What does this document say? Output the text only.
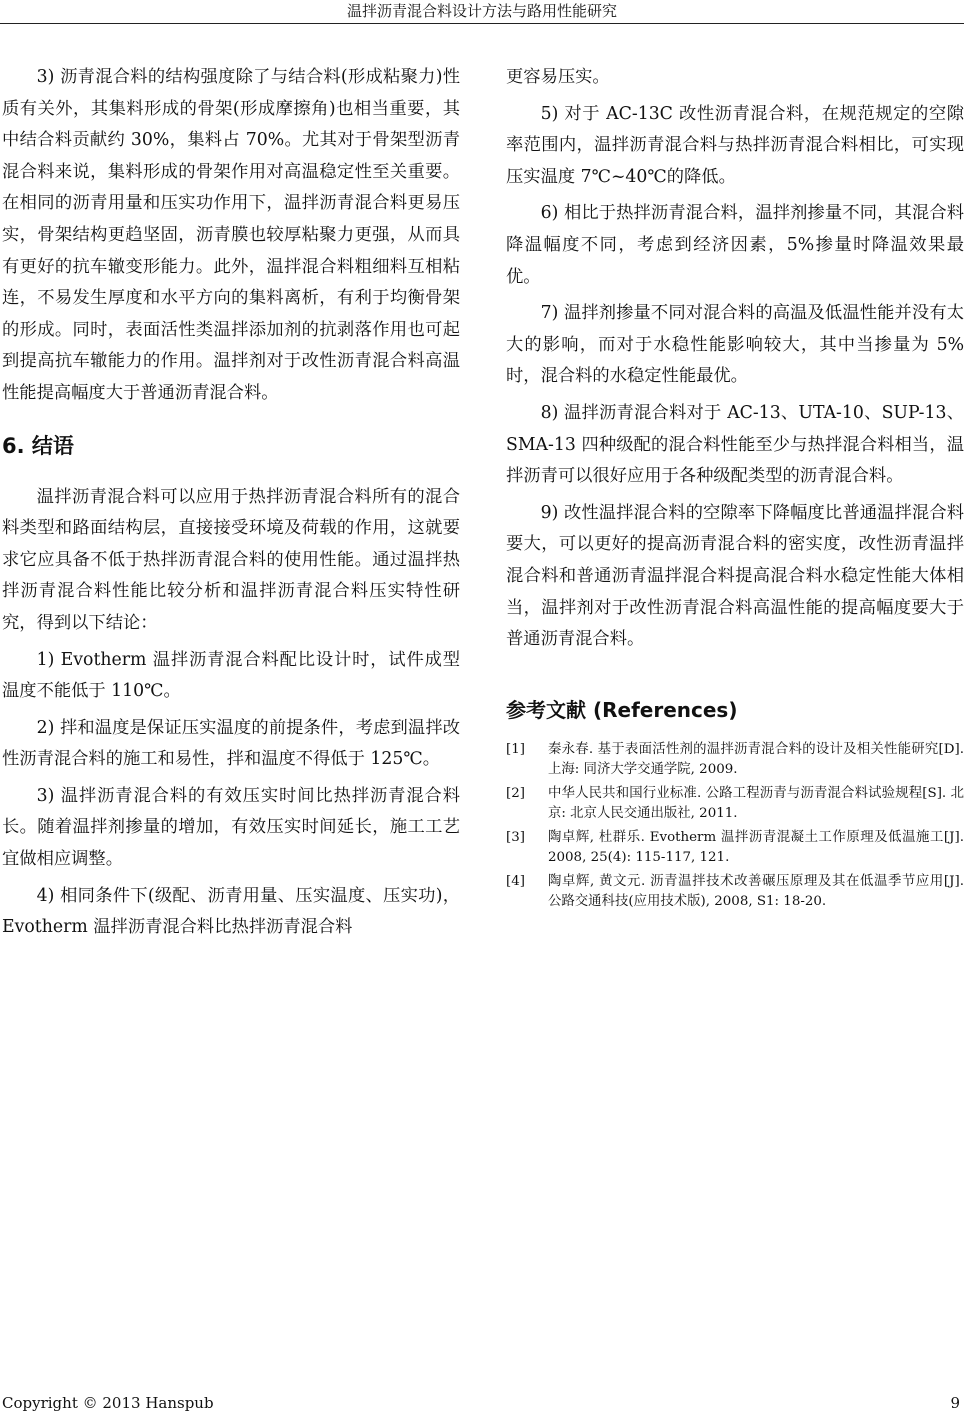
温拌沥青混合料设计方法与路用性能研究

3) 沥青混合料的结构强度除了与结合料(形成粘聚力)性质有关外，其集料形成的骨架(形成摩擦角)也相当重要，其中结合料贡献约 30%，集料占 70%。尤其对于骨架型沥青混合料来说，集料形成的骨架作用对高温稳定性至关重要。在相同的沥青用量和压实功作用下，温拌沥青混合料更易压实，骨架结构更趋坚固，沥青膜也较厚粘聚力更强，从而具有更好的抗车辙变形能力。此外，温拌混合料粗细料互相粘连，不易发生厚度和水平方向的集料离析，有利于均衡骨架的形成。同时，表面活性类温拌添加剂的抗剥落作用也可起到提高抗车辙能力的作用。温拌剂对于改性沥青混合料高温性能提高幅度大于普通沥青混合料。

6. 结语

温拌沥青混合料可以应用于热拌沥青混合料所有的混合料类型和路面结构层，直接接受环境及荷载的作用，这就要求它应具备不低于热拌沥青混合料的使用性能。通过温拌热拌沥青混合料性能比较分析和温拌沥青混合料压实特性研究，得到以下结论：

1) Evotherm 温拌沥青混合料配比设计时，试件成型温度不能低于 110℃。

2) 拌和温度是保证压实温度的前提条件，考虑到温拌改性沥青混合料的施工和易性，拌和温度不得低于 125℃。

3) 温拌沥青混合料的有效压实时间比热拌沥青混合料长。随着温拌剂掺量的增加，有效压实时间延长，施工工艺宜做相应调整。

4) 相同条件下(级配、沥青用量、压实温度、压实功)，Evotherm 温拌沥青混合料比热拌沥青混合料

更容易压实。

5) 对于 AC-13C 改性沥青混合料，在规范规定的空隙率范围内，温拌沥青混合料与热拌沥青混合料相比，可实现压实温度 7℃~40℃的降低。

6) 相比于热拌沥青混合料，温拌剂掺量不同，其混合料降温幅度不同，考虑到经济因素，5%掺量时降温效果最优。

7) 温拌剂掺量不同对混合料的高温及低温性能并没有太大的影响，而对于水稳性能影响较大，其中当掺量为 5%时，混合料的水稳定性能最优。

8) 温拌沥青混合料对于 AC-13、UTA-10、SUP-13、SMA-13 四种级配的混合料性能至少与热拌混合料相当，温拌沥青可以很好应用于各种级配类型的沥青混合料。

9) 改性温拌混合料的空隙率下降幅度比普通温拌混合料要大，可以更好的提高沥青混合料的密实度，改性沥青温拌混合料和普通沥青温拌混合料提高混合料水稳定性能大体相当，温拌剂对于改性沥青混合料高温性能的提高幅度要大于普通沥青混合料。

参考文献 (References)
[1]	秦永春. 基于表面活性剂的温拌沥青混合料的设计及相关性能研究[D]. 上海: 同济大学交通学院, 2009.
[2]	中华人民共和国行业标准. 公路工程沥青与沥青混合料试验规程[S]. 北京: 北京人民交通出版社, 2011.
[3]	陶卓辉, 杜群乐. Evotherm 温拌沥青混凝土工作原理及低温施工[J]. 2008, 25(4): 115-117, 121.
[4]	陶卓辉, 黄文元. 沥青温拌技术改善碾压原理及其在低温季节应用[J]. 公路交通科技(应用技术版), 2008, S1: 18-20.
Copyright © 2013 Hanspub	9
